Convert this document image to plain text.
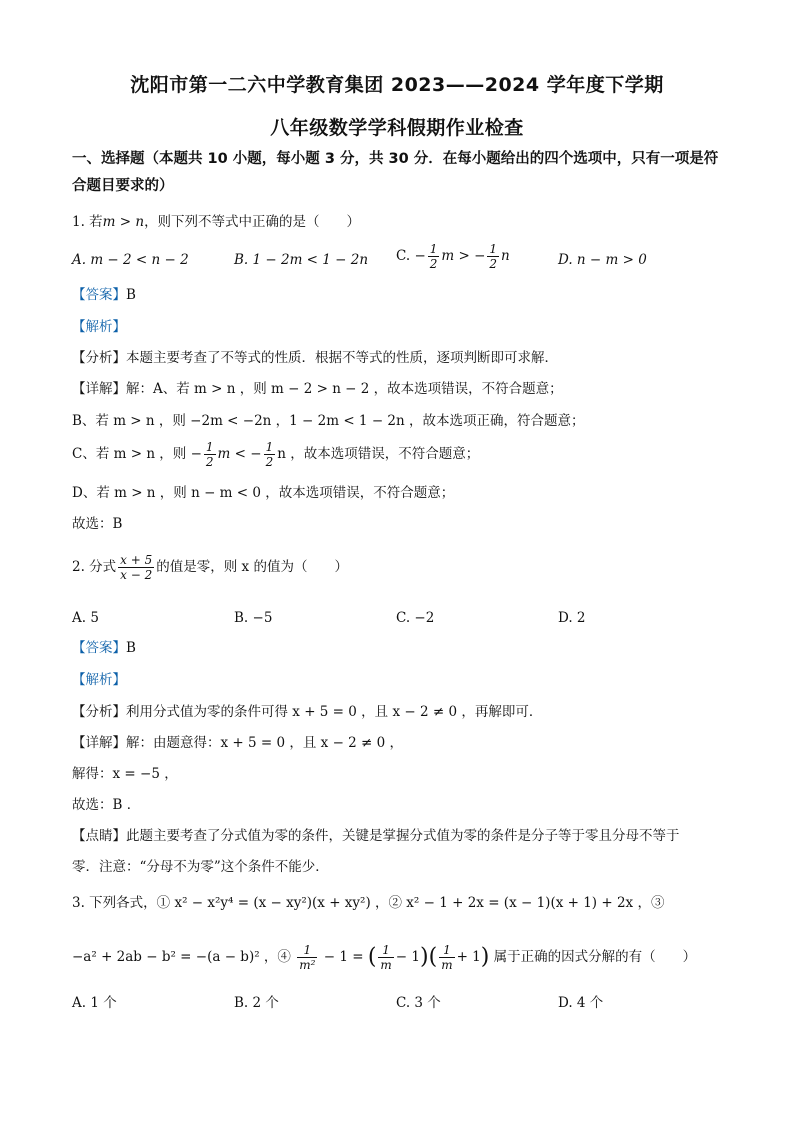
沈阳市第一二六中学教育集团 2023——2024 学年度下学期
八年级数学学科假期作业检查
一、选择题（本题共 10 小题，每小题 3 分，共 30 分．在每小题给出的四个选项中，只有一项是符合题目要求的）
1. 若m > n，则下列不等式中正确的是（　　）
A. m − 2 < n − 2	B. 1 − 2m < 1 − 2n C. − $\frac{1}{2}$ m > − $\frac{1}{2}$ n	D. n − m > 0
【答案】B
【解析】
【分析】本题主要考查了不等式的性质．根据不等式的性质，逐项判断即可求解．
【详解】解：A、若 m > n ，则 m − 2 > n − 2 ，故本选项错误，不符合题意；
B、若 m > n ，则 −2m < −2n ，1 − 2m < 1 − 2n ，故本选项正确，符合题意；
C、若 m > n ，则 − $\frac{1}{2}$ m < − $\frac{1}{2}$ n ，故本选项错误，不符合题意；
D、若 m > n ，则 n − m < 0 ，故本选项错误，不符合题意；
故选：B
2. 分式 $\frac{x + 5}{x - 2}$ 的值是零，则 x 的值为（　　）
A. 5	B. −5	C. −2	D. 2
【答案】B
【解析】
【分析】利用分式值为零的条件可得 x + 5 = 0 ，且 x − 2 ≠ 0 ，再解即可．
【详解】解：由题意得：x + 5 = 0 ，且 x − 2 ≠ 0 ，
解得：x = −5 ，
故选：B ．
【点睛】此题主要考查了分式值为零的条件，关键是掌握分式值为零的条件是分子等于零且分母不等于
零．注意：“分母不为零”这个条件不能少．
3. 下列各式，① x² − x²y⁴ = (x − xy²)(x + xy²) ，② x² − 1 + 2x = (x − 1)(x + 1) + 2x ，③
−a² + 2ab − b² = −(a − b)² ，④ $\frac{1}{\text{m²}} - 1$ = ( $\frac{1}{m} - 1)( \frac{1}{m} + 1)$ 属于正确的因式分解的有（　　）
A. 1 个	B. 2 个	C. 3 个	D. 4 个
